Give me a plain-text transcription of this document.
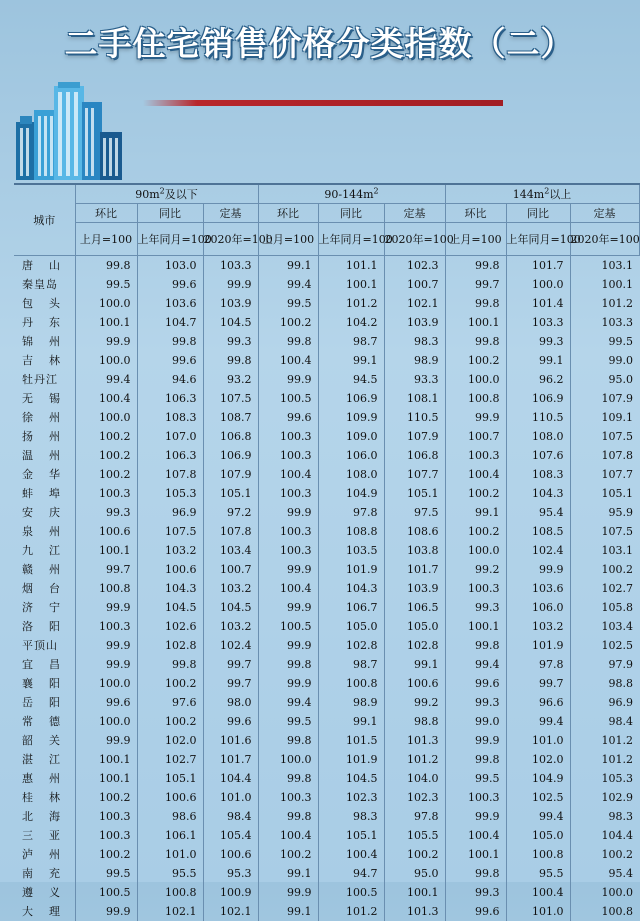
二手住宅销售价格分类指数（二）
城市	$90m^2$及以下			$90-144m^2$			$144m^2$以上		
	环比	同比	定基	环比	同比	定基	环比	同比	定基
	上月=100	上年同月=100	2020年=100	上月=100	上年同月=100	2020年=100	上月=100	上年同月=100	2020年=100
唐山	99.8	103.0	103.3	99.1	101.1	102.3	99.8	101.7	103.1
秦皇岛	99.5	99.6	99.9	99.4	100.1	100.7	99.7	100.0	100.1
包头	100.0	103.6	103.9	99.5	101.2	102.1	99.8	101.4	101.2
丹东	100.1	104.7	104.5	100.2	104.2	103.9	100.1	103.3	103.3
锦州	99.9	99.8	99.3	99.8	98.7	98.3	99.8	99.3	99.5
吉林	100.0	99.6	99.8	100.4	99.1	98.9	100.2	99.1	99.0
牡丹江	99.4	94.6	93.2	99.9	94.5	93.3	100.0	96.2	95.0
无锡	100.4	106.3	107.5	100.5	106.9	108.1	100.8	106.9	107.9
徐州	100.0	108.3	108.7	99.6	109.9	110.5	99.9	110.5	109.1
扬州	100.2	107.0	106.8	100.3	109.0	107.9	100.7	108.0	107.5
温州	100.2	106.3	106.9	100.3	106.0	106.8	100.3	107.6	107.8
金华	100.2	107.8	107.9	100.4	108.0	107.7	100.4	108.3	107.7
蚌埠	100.3	105.3	105.1	100.3	104.9	105.1	100.2	104.3	105.1
安庆	99.3	96.9	97.2	99.9	97.8	97.5	99.1	95.4	95.9
泉州	100.6	107.5	107.8	100.3	108.8	108.6	100.2	108.5	107.5
九江	100.1	103.2	103.4	100.3	103.5	103.8	100.0	102.4	103.1
赣州	99.7	100.6	100.7	99.9	101.9	101.7	99.2	99.9	100.2
烟台	100.8	104.3	103.2	100.4	104.3	103.9	100.3	103.6	102.7
济宁	99.9	104.5	104.5	99.9	106.7	106.5	99.3	106.0	105.8
洛阳	100.3	102.6	103.2	100.5	105.0	105.0	100.1	103.2	103.4
平顶山	99.9	102.8	102.4	99.9	102.8	102.8	99.8	101.9	102.5
宜昌	99.9	99.8	99.7	99.8	98.7	99.1	99.4	97.8	97.9
襄阳	100.0	100.2	99.7	99.9	100.8	100.6	99.6	99.7	98.8
岳阳	99.6	97.6	98.0	99.4	98.9	99.2	99.3	96.6	96.9
常德	100.0	100.2	99.6	99.5	99.1	98.8	99.0	99.4	98.4
韶关	99.9	102.0	101.6	99.8	101.5	101.3	99.9	101.0	101.2
湛江	100.1	102.7	101.7	100.0	101.9	101.2	99.8	102.0	101.2
惠州	100.1	105.1	104.4	99.8	104.5	104.0	99.5	104.9	105.3
桂林	100.2	100.6	101.0	100.3	102.3	102.3	100.3	102.5	102.9
北海	100.3	98.6	98.4	99.8	98.3	97.8	99.9	99.4	98.3
三亚	100.3	106.1	105.4	100.4	105.1	105.5	100.4	105.0	104.4
泸州	100.2	101.0	100.6	100.2	100.4	100.2	100.1	100.8	100.2
南充	99.5	95.5	95.3	99.1	94.7	95.0	99.8	95.5	95.4
遵义	100.5	100.8	100.9	99.9	100.5	100.1	99.3	100.4	100.0
大理	99.9	102.1	102.1	99.1	101.2	101.3	99.6	101.0	100.8
